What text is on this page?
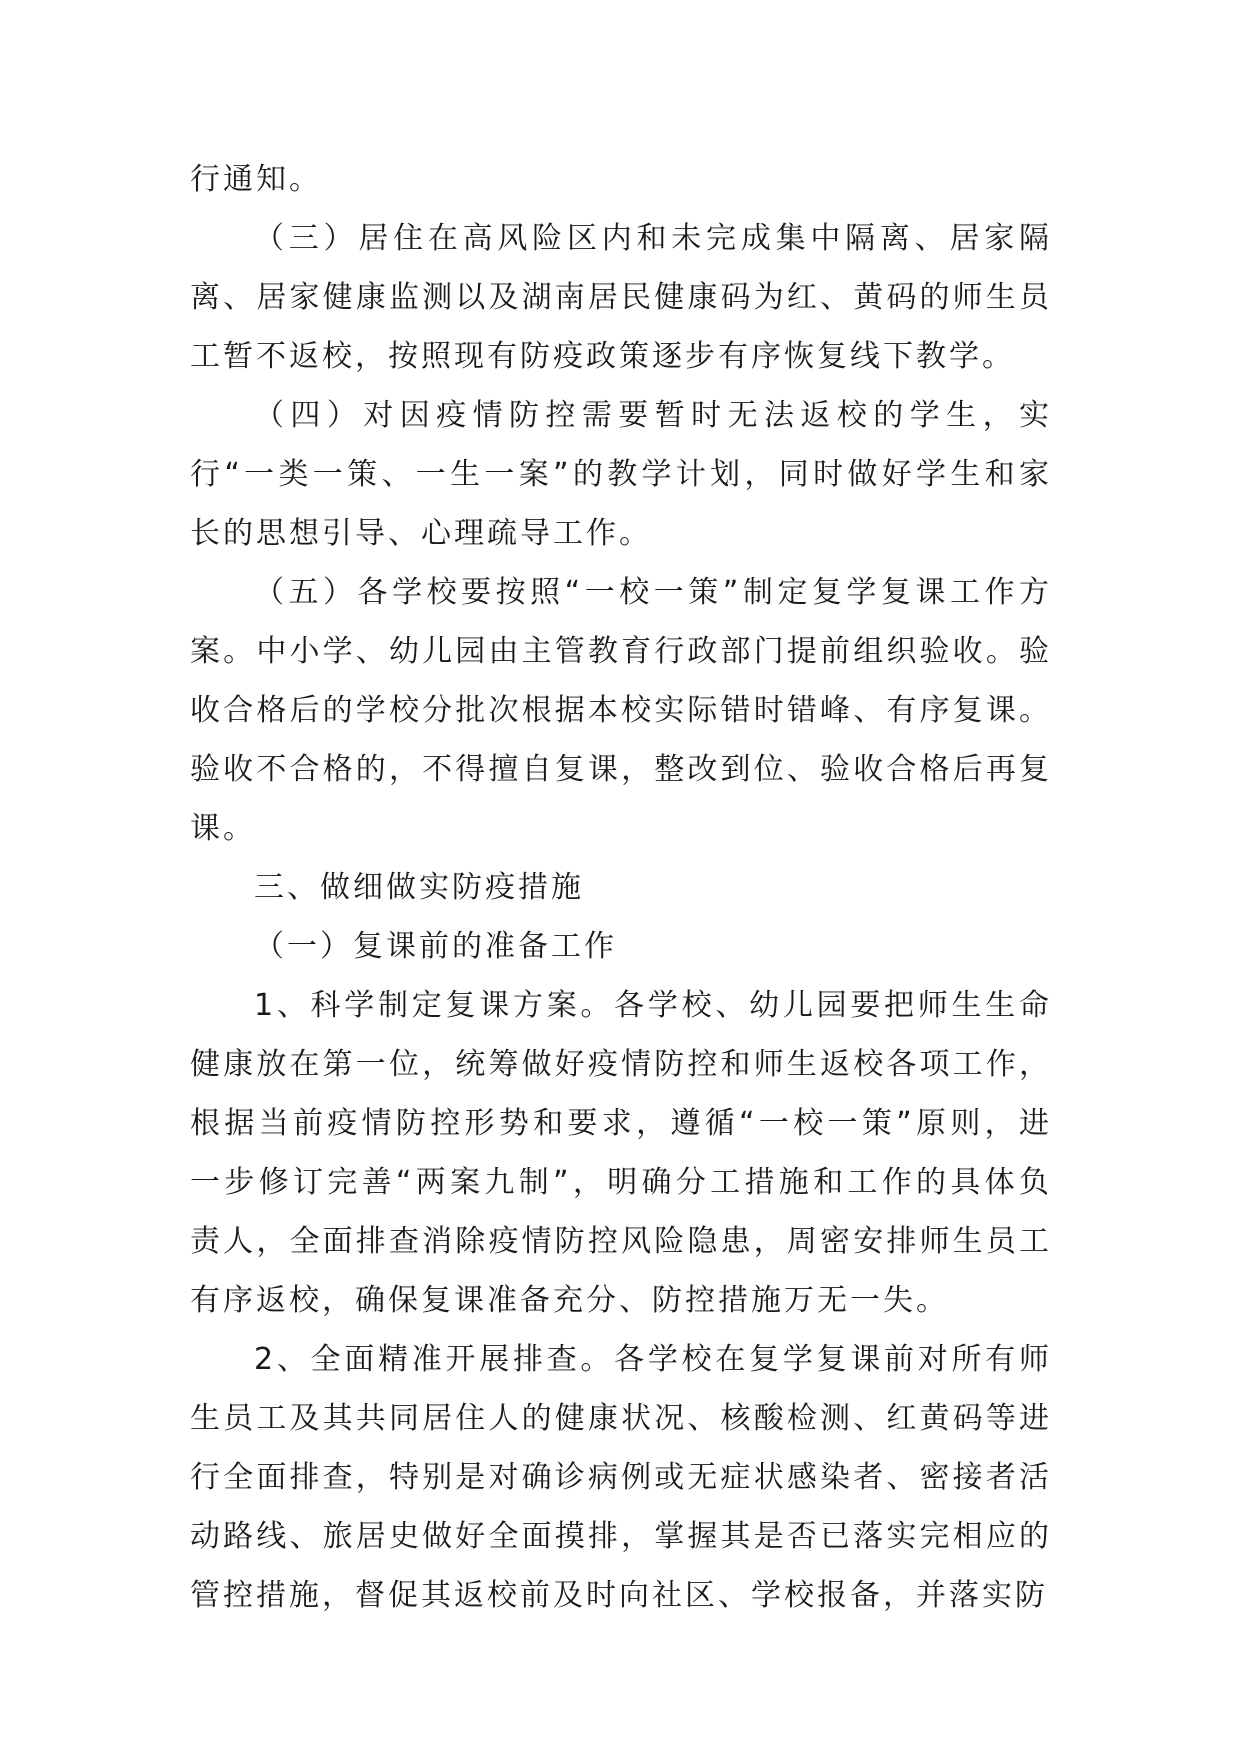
行通知。

（三）居住在高风险区内和未完成集中隔离、居家隔离、居家健康监测以及湖南居民健康码为红、黄码的师生员工暂不返校，按照现有防疫政策逐步有序恢复线下教学。

（四）对因疫情防控需要暂时无法返校的学生，实行“一类一策、一生一案”的教学计划，同时做好学生和家长的思想引导、心理疏导工作。

（五）各学校要按照“一校一策”制定复学复课工作方案。中小学、幼儿园由主管教育行政部门提前组织验收。验收合格后的学校分批次根据本校实际错时错峰、有序复课。验收不合格的，不得擅自复课，整改到位、验收合格后再复课。

三、做细做实防疫措施

（一）复课前的准备工作

1、科学制定复课方案。各学校、幼儿园要把师生生命健康放在第一位，统筹做好疫情防控和师生返校各项工作，根据当前疫情防控形势和要求，遵循“一校一策”原则，进一步修订完善“两案九制”，明确分工措施和工作的具体负责人，全面排查消除疫情防控风险隐患，周密安排师生员工有序返校，确保复课准备充分、防控措施万无一失。

2、全面精准开展排查。各学校在复学复课前对所有师生员工及其共同居住人的健康状况、核酸检测、红黄码等进行全面排查，特别是对确诊病例或无症状感染者、密接者活动路线、旅居史做好全面摸排，掌握其是否已落实完相应的管控措施，督促其返校前及时向社区、学校报备，并落实防
